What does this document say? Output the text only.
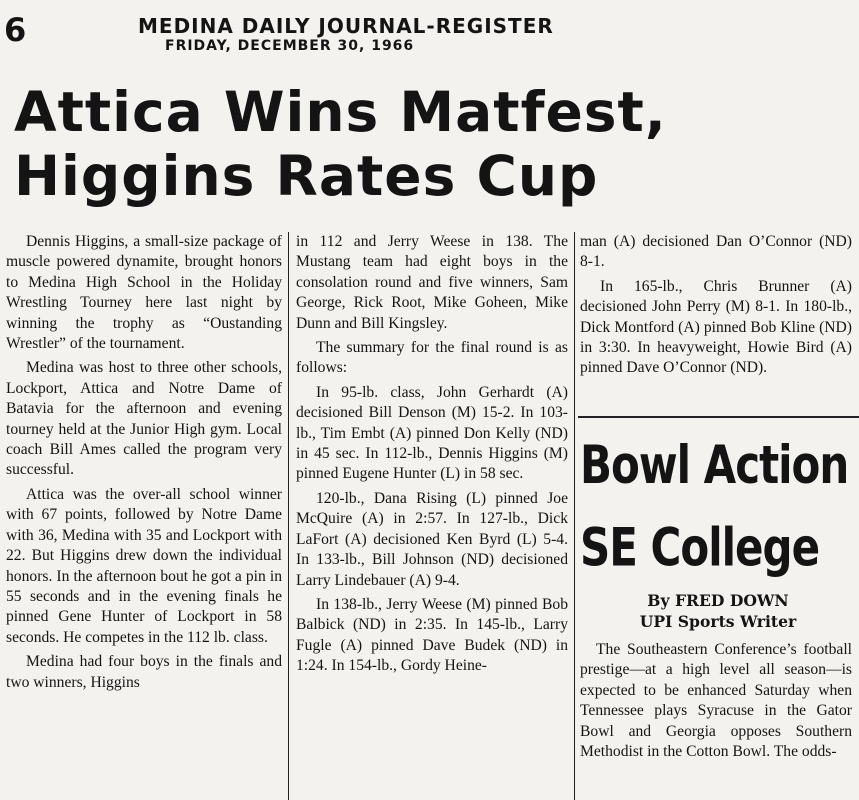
6	MEDINA DAILY JOURNAL-REGISTER
FRIDAY, DECEMBER 30, 1966
Attica Wins Matfest,
Higgins Rates Cup

Dennis Higgins, a small-size package of muscle powered dynamite, brought honors to Medina High School in the Holiday Wrestling Tourney here last night by winning the trophy as “Oustanding Wrestler” of the tournament.

Medina was host to three other schools, Lockport, Attica and Notre Dame of Batavia for the afternoon and evening tourney held at the Junior High gym. Local coach Bill Ames called the program very successful.

Attica was the over-all school winner with 67 points, followed by Notre Dame with 36, Medina with 35 and Lockport with 22. But Higgins drew down the individual honors. In the afternoon bout he got a pin in 55 seconds and in the evening finals he pinned Gene Hunter of Lockport in 58 seconds. He competes in the 112 lb. class.

Medina had four boys in the finals and two winners, Higgins

in 112 and Jerry Weese in 138. The Mustang team had eight boys in the consolation round and five winners, Sam George, Rick Root, Mike Goheen, Mike Dunn and Bill Kingsley.

The summary for the final round is as follows:

In 95-lb. class, John Gerhardt (A) decisioned Bill Denson (M) 15-2. In 103-lb., Tim Embt (A) pinned Don Kelly (ND) in 45 sec. In 112-lb., Dennis Higgins (M) pinned Eugene Hunter (L) in 58 sec.

120-lb., Dana Rising (L) pinned Joe McQuire (A) in 2:57. In 127-lb., Dick LaFort (A) decisioned Ken Byrd (L) 5-4. In 133-lb., Bill Johnson (ND) decisioned Larry Lindebauer (A) 9-4.

In 138-lb., Jerry Weese (M) pinned Bob Balbick (ND) in 2:35. In 145-lb., Larry Fugle (A) pinned Dave Budek (ND) in 1:24. In 154-lb., Gordy Heine-

man (A) decisioned Dan O’Connor (ND) 8-1.

In 165-lb., Chris Brunner (A) decisioned John Perry (M) 8-1. In 180-lb., Dick Montford (A) pinned Bob Kline (ND) in 3:30. In heavyweight, Howie Bird (A) pinned Dave O’Connor (ND).

Bowl Action
SE College
By FRED DOWN
UPI Sports Writer

The Southeastern Conference’s football prestige—at a high level all season—is expected to be enhanced Saturday when Tennessee plays Syracuse in the Gator Bowl and Georgia opposes Southern Methodist in the Cotton Bowl. The odds-
